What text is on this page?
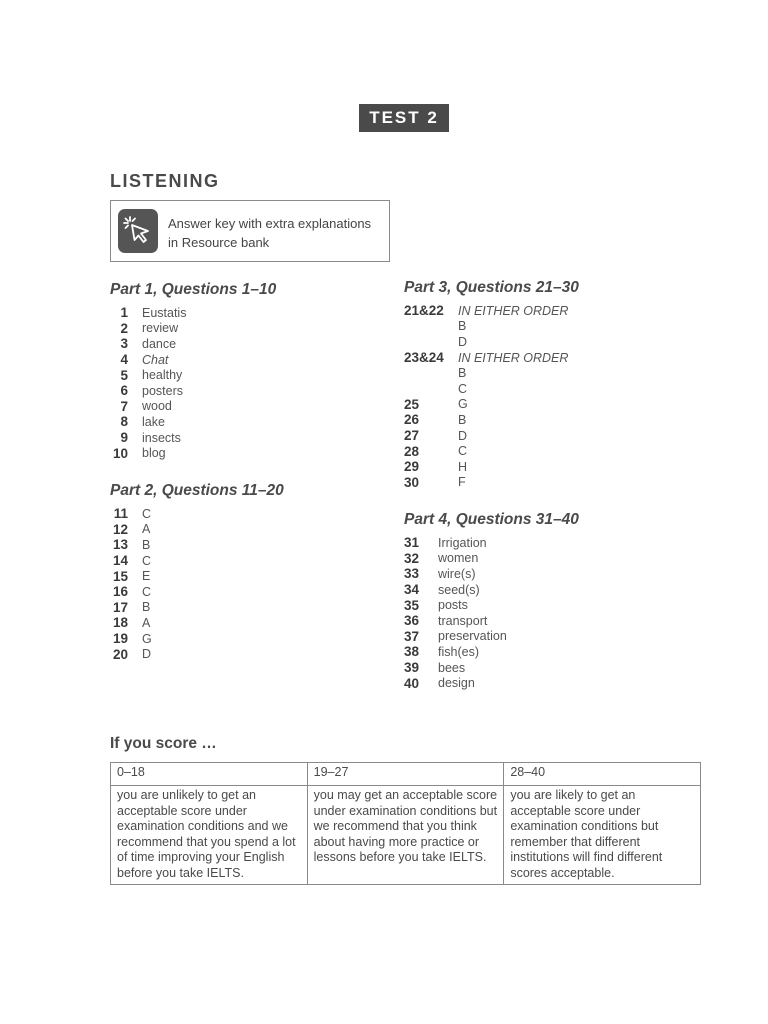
TEST 2
LISTENING
Answer key with extra explanations
in Resource bank
Part 1, Questions 1–10
1 Eustatis
2 review
3 dance
4 Chat
5 healthy
6 posters
7 wood
8 lake
9 insects
10 blog
Part 2, Questions 11–20
11 C
12 A
13 B
14 C
15 E
16 C
17 B
18 A
19 G
20 D
Part 3, Questions 21–30
21&22 IN EITHER ORDER
B
D
23&24 IN EITHER ORDER
B
C
25	G
26	B
27	D
28	C
29	H
30	F
Part 4, Questions 31–40
31	Irrigation
32	women
33	wire(s)
34	seed(s)
35	posts
36	transport
37	preservation
38	fish(es)
39	bees
40	design
If you score …
0–18	19–27	28–40
you are unlikely to get an acceptable score under examination conditions and we recommend that you spend a lot of time improving your English before you take IELTS.	you may get an acceptable score under examination conditions but we recommend that you think about having more practice or lessons before you take IELTS.	you are likely to get an acceptable score under examination conditions but remember that different institutions will find different scores acceptable.
